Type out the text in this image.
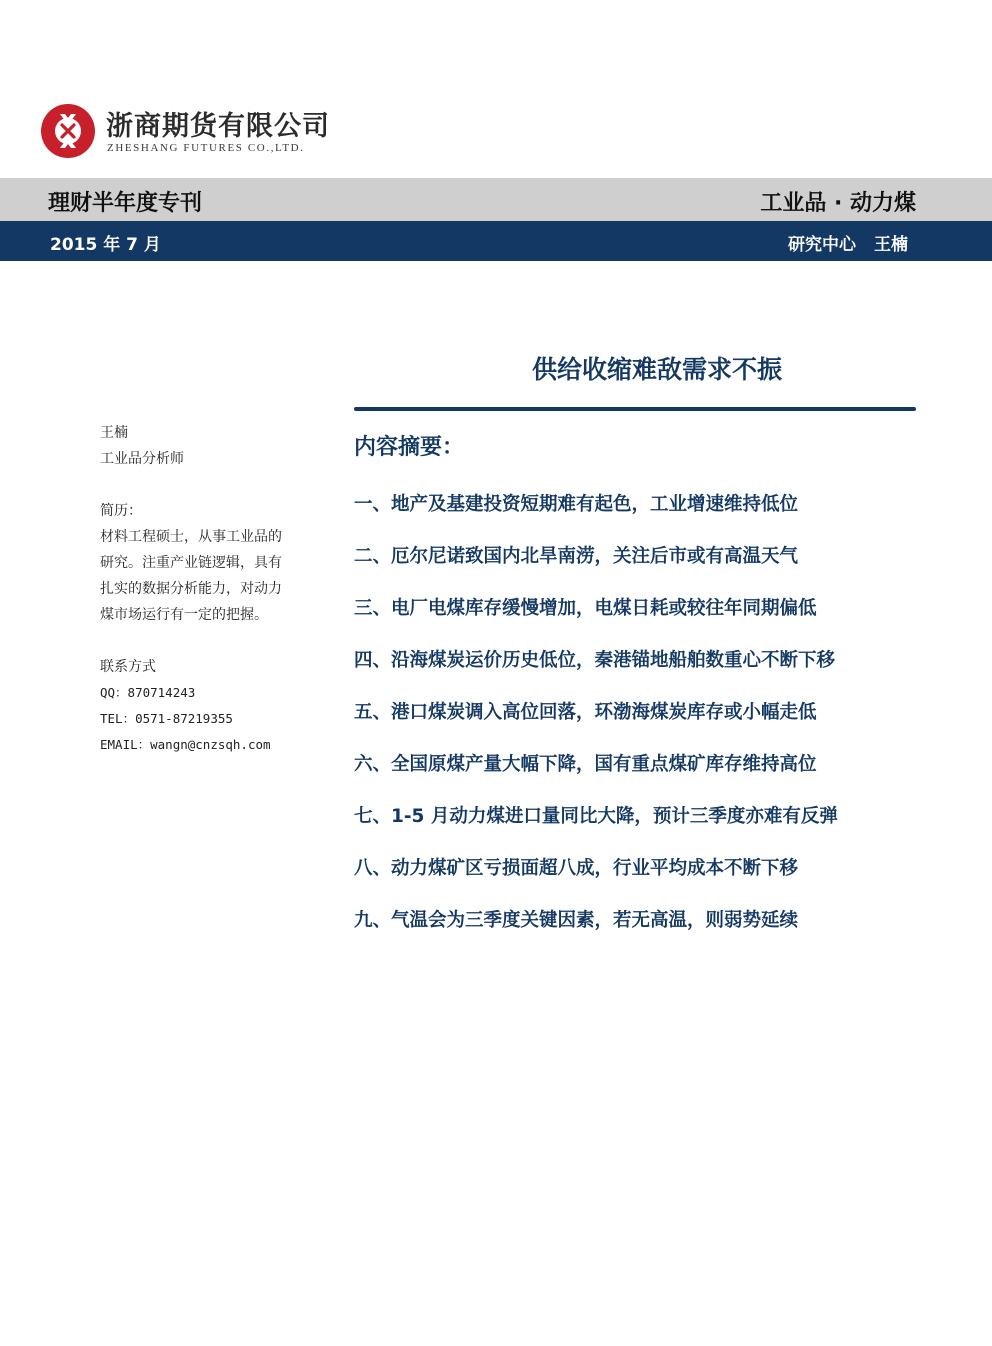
浙商期货有限公司
ZHESHANG FUTURES CO.,LTD.
理财半年度专刊	工业品 · 动力煤
2015 年 7 月	研究中心 王楠
供给收缩难敌需求不振
王楠
工业品分析师
简历：
材料工程硕士，从事工业品的
研究。注重产业链逻辑，具有
扎实的数据分析能力，对动力
煤市场运行有一定的把握。
联系方式
QQ：870714243
TEL：0571-87219355
EMAIL：wangn@cnzsqh.com
内容摘要：
一、地产及基建投资短期难有起色，工业增速维持低位
二、厄尔尼诺致国内北旱南涝，关注后市或有高温天气
三、电厂电煤库存缓慢增加，电煤日耗或较往年同期偏低
四、沿海煤炭运价历史低位，秦港锚地船舶数重心不断下移
五、港口煤炭调入高位回落，环渤海煤炭库存或小幅走低
六、全国原煤产量大幅下降，国有重点煤矿库存维持高位
七、1-5 月动力煤进口量同比大降，预计三季度亦难有反弹
八、动力煤矿区亏损面超八成，行业平均成本不断下移
九、气温会为三季度关键因素，若无高温，则弱势延续
